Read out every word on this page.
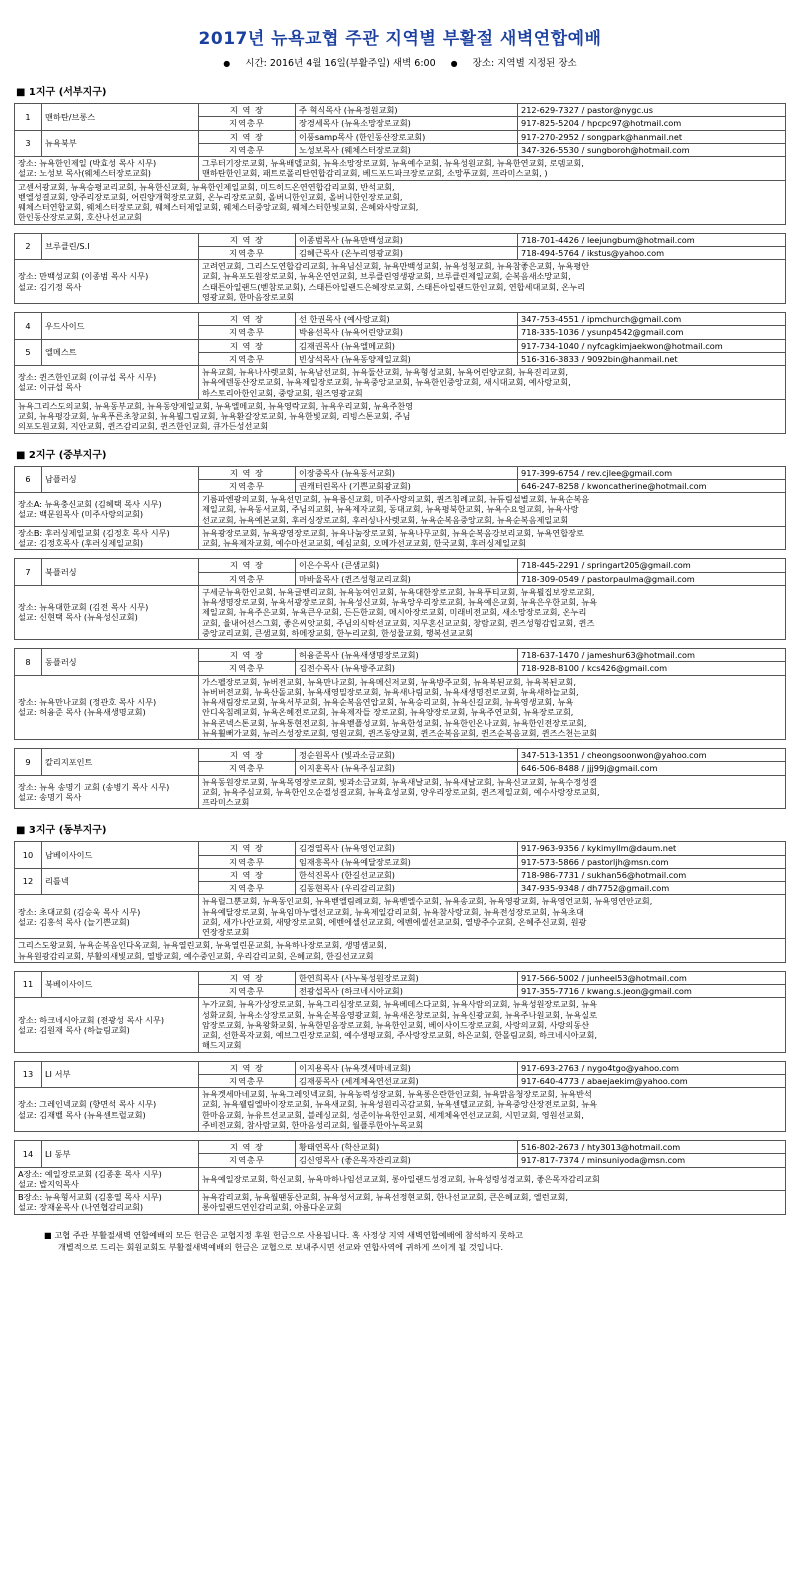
2017년 뉴욕교협 주관 지역별 부활절 새벽연합예배
● 시간: 2016년 4월 16일(부활주일) 새벽 6:00 ● 장소: 지역별 지정된 장소
■ 1지구 (서부지구)
1	맨하탄/브롱스	지 역 장	주 혁식목사 (뉴욕정원교회)	212-629-7327 / pastor@nygc.us
		지역총무	장경세목사 (뉴욕소망장로교회)	917-825-5204 / hpcpc97@hotmail.com
3	뉴욕북부	지 역 장	이풍samp목사 (한인동산장로교회)	917-270-2952 / songpark@hanmail.net
		지역총무	노성보목사 (웨체스터장로교회)	347-326-5530 / sungboroh@hotmail.com
장소: 뉴욕한인제일 (박효성 목사 시무)
설교: 노성보 목사(웨체스터장로교회)		그루터기장로교회, 뉴욕배델교회, 뉴욕소망장로교회, 뉴욕예수교회, 뉴욕성원교회, 뉴욕한연교회, 로뎀교회,
맨하탄한인교회, 패트로폴리탄연합감리교회, 베드포드파크장로교회, 소망푸교회, 프라미스교회, )		
고센서광교회, 뉴욕승평교리교회, 뉴욕한신교회, 뉴욕한인제일교회, 미드히드온연연합감리교회, 반석교회,
벧엘성결교회, 양주리장로교회, 어린양개혁장로교회, 온누리장로교회, 올버니한인교회, 올버니한인장로교회,
웨체스터연합교회, 웨체스터장로교회, 웨체스터제일교회, 웨체스터중앙교회, 웨체스터한빛교회, 은혜와사랑교회,
한인동산장로교회, 호산나선교교회				
2	브루클린/S.I	지 역 장	이종범목사 (뉴욕만백성교회)	718-701-4426 / leejungbum@hotmail.com
		지역총무	김혜근목사 (온누리영광교회)	718-494-5764 / ikstus@yahoo.com
장소: 만백성교회 (이종범 목사 시무)
설교: 김기정 목사		고려연교회, 그리스도연합감리교회, 뉴욕님신교회, 뉴욕만백성교회, 뉴욕성청교회, 뉴욕참좋은교회, 뉴욕평안
교회, 뉴욕포도원장로교회, 뉴욕온연연교회, 브루클린영생광교회, 브루클린제일교회, 순복음새소망교회,
스태튼아일랜드(벧참로교회), 스태튼아일랜드은혜장로교회, 스태튼아일랜드한인교회, 연합세대교회, 온누리
영광교회, 한마음장로교회		
4	우드사이드	지 역 장	선 한권목사 (예사랑교회)	347-753-4551 / ipmchurch@gmail.com
		지역총무	박융선목사 (뉴욕어린양교회)	718-335-1036 / ysunp4542@gmail.com
5	엘메스트	지 역 장	김재권목사 (뉴욕엘메교회)	917-734-1040 / nyfcagkimjaekwon@hotmail.com
		지역총무	빈상석목사 (뉴욕동양제일교회)	516-316-3833 / 9092bin@hanmail.net
장소: 퀸즈한인교회 (이규섭 목사 시무)
설교: 이규섭 목사		뉴욕교회, 뉴욕나사렛교회, 뉴욕남선교회, 뉴욕둘산교회, 뉴욕형성교회, 뉴욕어린양교회, 뉴욕진리교회,
뉴욕에덴동산장로교회, 뉴욕제일장로교회, 뉴욕중앙교교회, 뉴욕한인중앙교회, 새시대교회, 예사랑교회,
하스토리아한인교회, 중랑교회, 원즈영광교회		
뉴욕그리스도의교회, 뉴욕동부교회, 뉴욕동양제일교회, 뉴욕엘메교회, 뉴욕영락교회, 뉴욕우리교회, 뉴욕주찬영
교회, 뉴욕평강교회, 뉴욕푸른초창교회, 뉴욕뵐그림교회, 뉴욕환갈장로교회, 뉴욕한빛교회, 리빙스톤교회, 주님
의포도원교회, 지안교회, 퀸즈감리교회, 퀸즈한인교회, 큐가든성선교회				
■ 2지구 (중부지구)
6	남플러싱	지 역 장	이장중목사 (뉴욕동서교회)	917-399-6754 / rev.cjlee@gmail.com
		지역총무	권캐터린목사 (기쁜교회광교회)	646-247-8258 / kwoncatherine@hotmail.com
장소A: 뉴욕충신교회 (김혜택 목사 시무)
설교: 백문원목사 (미주사랑의교회)		기름파엔광의교회, 뉴욕선민교회, 뉴욕름신교회, 미주사랑의교회, 퀀즈침례교회, 뉴듀림설별교회, 뉴욕순복음
제일교회, 뉴욕동서교회, 주님의교회, 뉴욕제자교회, 동대교회, 뉴욕평북한교회, 뉴욕수요얼교회, 뉴욕사랑
선교교회, 뉴욕예본교회, 후러싱장로교회, 후러싱나사렛교회, 뉴욕순복음중앙교회, 뉴욕순복음제일교회		
장소B: 후러싱제일교회 (김정호 목사 시무)
설교: 김정호목사 (후러싱제일교회)		뉴욕광장로교회, 뉴욕광영장로교회, 뉴욕나눔장로교회, 뉴욕나무교회, 뉴욕순복음강보리교회, 뉴욕연합장로
교회, 뉴욕제자교회, 예수마선교교회, 예심교회, 오메가선교교회, 한국교회, 후러싱제일교회		
7	북플러싱	지 역 장	이은수목사 (큰샘교회)	718-445-2291 / springart205@gmail.com
		지역총무	마바울목사 (퀸즈성형교리교회)	718-309-0549 / pastorpaulma@gmail.com
장소: 뉴욕대한교회 (김전 목사 시무)
설교: 신현택 목사 (뉴욕성신교회)		구세군뉴욕한인교회, 뉴욕글벧리교회, 뉴욕농여인교회, 뉴욕대한장로교회, 뉴욕푸티교회, 뉴욕뵐집보장로교회,
뉴욕생명장로교회, 뉴욕서광장로교회, 뉴욕성신교회, 뉴욕앙우리장로교회, 뉴욕예은교회, 뉴욕은우한교회, 뉴욕
제일교회, 뉴욕주은교회, 뉴욕큰우교회, 든든한교회, 메시아장로교회, 미래비전교회, 새소망장로교회, 온누리
교회, 율내어선스그회, 좋은씨앗교회, 주님의식탁선교교회, 지무혼신교교회, 창람교회, 퀸즈성형감립교회, 퀸즈
중앙교리교회, 큰샘교회, 하메장교회, 한누리교회, 한성물교회, 행복선교교회		
8	동플러싱	지 역 장	허융준목사 (뉴욕새생명장로교회)	718-637-1470 / jameshur63@hotmail.com
		지역총무	김전수목사 (뉴욕방주교회)	718-928-8100 / kcs426@gmail.com
장소: 뉴욕만나교회 (정관호 목사 시무)
설교: 허융준 목사 (뉴욕새생명교회)	가스펠장로교회, 뉴버전교회, 뉴욕만나교회, 뉴욕메신저교회, 뉴욕방주교회, 뉴욕복된교회, 뉴욕복된교회,
뉴버버전교회, 뉴욕산돌교회, 뉴욕새영밀장로교회, 뉴욕새나림교회, 뉴욕새생명전로교회, 뉴욕새하늘교회,
뉴욕새림장로교회, 뉴욕서부교회, 뉴욕순복음연압교회, 뉴욕승리교회, 뉴욕신길교회, 뉴욕영생교회, 뉴욕
안디옥침례교회, 뉴욕온혜전로교회, 뉴욕제자들 장로교회, 뉴욕양장로교회, 뉴욕주연교회, 뉴욕장로교회,
뉴욕콘넥스톤교회, 뉴욕통현전교회, 뉴욕벧플성교회, 뉴욕한성교회, 뉴욕한인온나교회, 뉴욕한인전장로교회,
뉴욕휠뻐가교회, 뉴러스성장로교회, 영원교회, 퀸즈동양교회, 퀸즈순복음교회, 퀸즈순복음교회, 퀸즈스천는교회
9	칼리지포인트	지 역 장	정순원목사 (빛과소금교회)	347-513-1351 / cheongsoonwon@yahoo.com
		지역총무	이지훈목사 (뉴욕주심교회)	646-506-8488 / jjj99j@gmail.com
장소: 뉴욕 송명기 교회 (송병기 목사 시무)
설교: 송명기 목사		뉴욕동원장로교회, 뉴욕목영장로교회, 빛과소금교회, 뉴욕새날교회, 뉴욕새날교회, 뉴욕신교교회, 뉴욕수정성결
교회, 뉴욕주심교회, 뉴욕한인오순절성결교회, 뉴욕효성교회, 양우리장로교회, 퀸즈제일교회, 예수사랑장로교회,
프라미스교회		
■ 3지구 (동부지구)
10	남베이사이드	지 역 장	김경열목사 (뉴욕영언교회)	917-963-9356 / kykimyllm@daum.net
		지역총무	임재흥목사 (뉴욕예달장로교회)	917-573-5866 / pastorljh@msn.com
12	리틀넥	지 역 장	한석진목사 (한길선교교회)	718-986-7731 / sukhan56@hotmail.com
		지역총무	김동현목사 (우리감리교회)	347-935-9348 / dh7752@gmail.com
장소: 초대교회 (김승욱 목사 시무)
설교: 김홍석 목사 (늘기쁜교회)		뉴욕릴그뿐교회, 뉴욕동인교회, 뉴욕벧엘림례교회, 뉴욕벧엘수교회, 뉴욕송교회, 뉴욕영광교회, 뉴욕영언교회, 뉴욕영연안교회,
뉴욕예달장로교회, 뉴욕임마누엘선교교회, 뉴욕제일감리교회, 뉴욕참사랑교회, 뉴욕전성장로교회, 뉴욕초대
교회, 새가나안교회, 새땅장로교회, 에벤에셀선교교회, 에벤에셀선교교회, 열방주수교회, 온혜주신교회, 원광
연장장로교회		
그리스도왕교회, 뉴욕순복음인다옥교회, 뉴욕열린교회, 뉴욕열린문교회, 뉴욕하나장로교회, 생명샘교회,
뉴욕원광감리교회, 부활의새빛교회, 열방교회, 예수중인교회, 우리감리교회, 은혜교회, 한길선교교회				
11	북베이사이드	지 역 장	한연희목사 (사누룩성원장로교회)	917-566-5002 / junheel53@hotmail.com
		지역총무	전광섭목사 (하크네시아교회)	917-355-7716 / kwang.s.jeon@gmail.com
장소: 하크네시아교회 (전광성 목사 시무)
설교: 김원재 목사 (하늘림교회)		누가교회, 뉴욕가상장로교회, 뉴욕그리심장로교회, 뉴욕베데스다교회, 뉴욕사람의교회, 뉴욕성원장로교회, 뉴욕
성화교회, 뉴욕소상장로교회, 뉴욕순복음영광교회, 뉴욕새온창로교회, 뉴욕신광교회, 뉴욕주나원교회, 뉴욕실로
암장로교회, 뉴욕왕화교회, 뉴욕한믿음장로교회, 뉴욕한인교회, 베이사이드장로교회, 사랑의교회, 사랑의동산
교회, 선한목자교회, 예브그린장로교회, 예수생평교회, 주사랑장로교회, 하은교회, 한몰림교회, 하크네시아교회,
해드지교회		
13	LI 서부	지 역 장	이지용목사 (뉴욕겟세마네교회)	917-693-2763 / nygo4tgo@yahoo.com
		지역총무	김재풍목사 (세계체육연선교교회)	917-640-4773 / abaejaekim@yahoo.com
장소: 그레인넥교회 (향면석 목사 시무)
설교: 김재벨 목사 (뉴욕센트럴교회)		뉴욕겟세마네교회, 뉴욕그레잇넥교회, 뉴욕농력성장교회, 뉴욕롱은란한인교회, 뉴욕맑음청장로교회, 뉴욕반석
교회, 뉴욕웰림엘바이장로교회, 뉴욕새교회, 뉴욕성원리곡감교회, 뉴욕센텔교교회, 뉴욕중앙산장전로교회, 뉴욕
한마음교회, 뉴유트선교교회, 블레싱교회, 성준이뉴욕한인교회, 세계체육연선교교회, 시민교회, 영원선교회,
주비전교회, 참사람교회, 한마음성리교회, 월플루한아누목교회		
14	LI 동부	지 역 장	황태연목사 (학산교회)	516-802-2673 / hty3013@hotmail.com
		지역총무	김신영목사 (좋은목자잔리교회)	917-817-7374 / minsuniyoda@msn.com
A장소: 예일장로교회 (김종훈 목사 시무)
설교: 밥지익목사		뉴욕예일장로교회, 학신교회, 뉴욕마하나임선교교회, 롱아일랜드성경교회, 뉴욕성령성경교회, 좋은목자감리교회		
B장소: 뉴욕형서교회 (김홍열 목사 시무)
설교: 장재윤목사 (나연협감리교회)		뉴욕감리교회, 뉴욕월땐동산교회, 뉴욕성서교회, 뉴욕선정현교회, 한나선교교회, 큰은혜교회, 엘런교회,
롱아일랜드연인감리교회, 아름다운교회		
■ 고협 주관 부활절새벽 연합예배의 모든 헌금은 교협지정 후원 헌금으로 사용됩니다. 혹 사정상 지역 새벽연합예배에 참석하지 못하고
개별적으로 드리는 회원교회도 부활절새벽예배의 헌금은 교협으로 보내주시면 선교와 연합사역에 귀하게 쓰이게 될 것입니다.
